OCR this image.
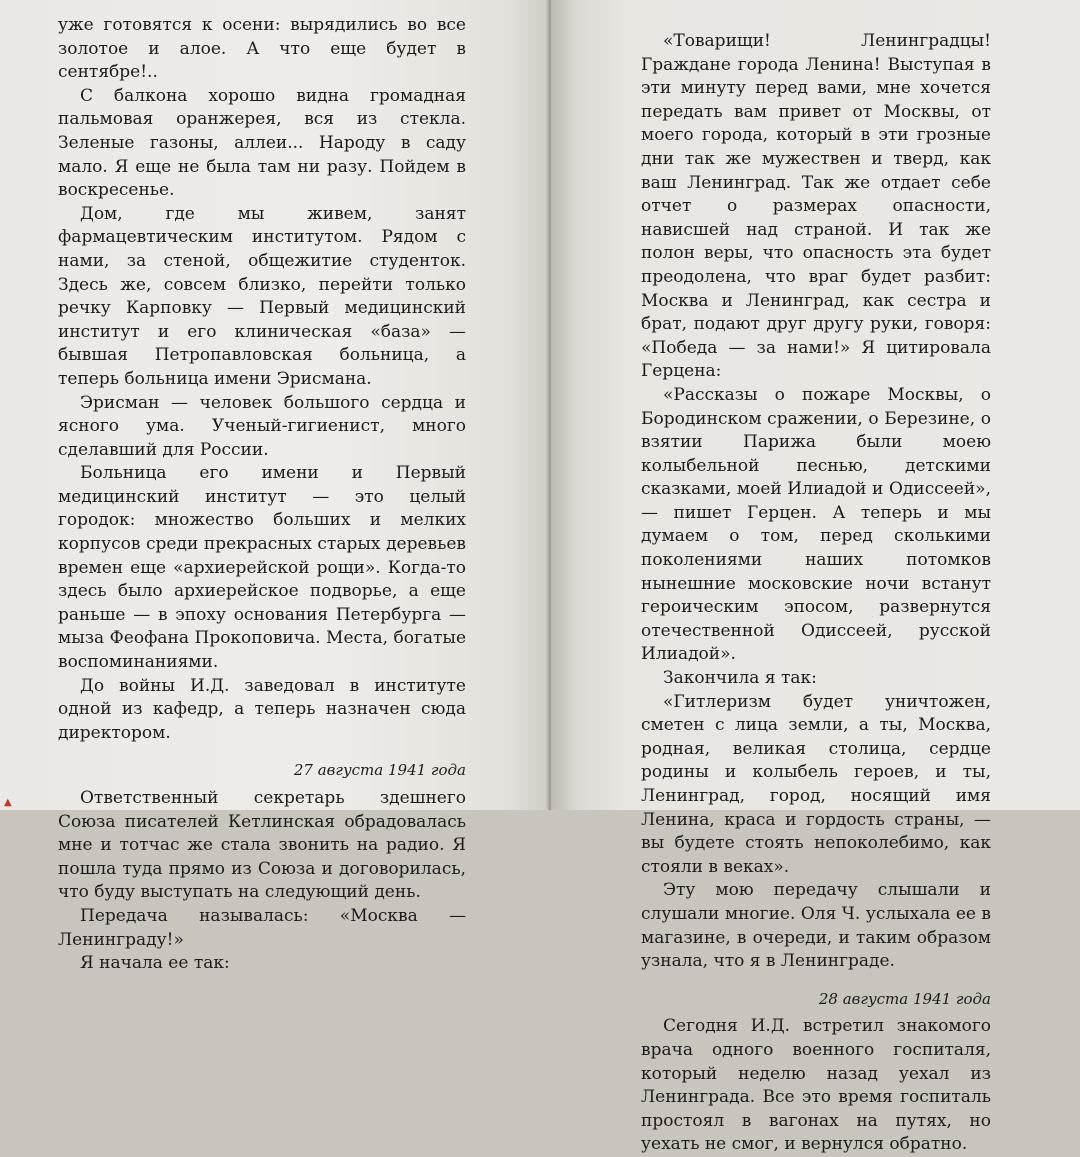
уже готовятся к осени: вырядились во все золотое и алое. А что еще будет в сентябре!..

С балкона хорошо видна громадная пальмовая оранжерея, вся из стекла. Зеленые газоны, аллеи... Народу в саду мало. Я еще не была там ни разу. Пойдем в воскресенье.

Дом, где мы живем, занят фармацевтическим институтом. Рядом с нами, за стеной, общежитие студенток. Здесь же, совсем близко, перейти только речку Карповку — Первый медицинский институт и его клиническая «база» — бывшая Петропавловская больница, а теперь больница имени Эрисмана.

Эрисман — человек большого сердца и ясного ума. Ученый-гигиенист, много сделавший для России.

Больница его имени и Первый медицинский институт — это целый городок: множество больших и мелких корпусов среди прекрасных старых деревьев времен еще «архиерейской рощи». Когда-то здесь было архиерейское подворье, а еще раньше — в эпоху основания Петербурга — мыза Феофана Прокоповича. Места, богатые воспоминаниями.

До войны И.Д. заведовал в институте одной из кафедр, а теперь назначен сюда директором.

27 августа 1941 года

Ответственный секретарь здешнего Союза писателей Кетлинская обрадовалась мне и тотчас же стала звонить на радио. Я пошла туда прямо из Союза и договорилась, что буду выступать на следующий день.

Передача называлась: «Москва — Ленинграду!»

Я начала ее так:

▲

«Товарищи! Ленинградцы! Граждане города Ленина! Выступая в эти минуту перед вами, мне хочется передать вам привет от Москвы, от моего города, который в эти грозные дни так же мужествен и тверд, как ваш Ленинград. Так же отдает себе отчет о размерах опасности, нависшей над страной. И так же полон веры, что опасность эта будет преодолена, что враг будет разбит: Москва и Ленинград, как сестра и брат, подают друг другу руки, говоря: «Победа — за нами!» Я цитировала Герцена:

«Рассказы о пожаре Москвы, о Бородинском сражении, о Березине, о взятии Парижа были моею колыбельной песнью, детскими сказками, моей Илиадой и Одиссеей», — пишет Герцен. А теперь и мы думаем о том, перед сколькими поколениями наших потомков нынешние московские ночи встанут героическим эпосом, развернутся отечественной Одиссеей, русской Илиадой».

Закончила я так:

«Гитлеризм будет уничтожен, сметен с лица земли, а ты, Москва, родная, великая столица, сердце родины и колыбель героев, и ты, Ленинград, город, носящий имя Ленина, краса и гордость страны, — вы будете стоять непоколебимо, как стояли в веках».

Эту мою передачу слышали и слушали многие. Оля Ч. услыхала ее в магазине, в очереди, и таким образом узнала, что я в Ленинграде.

28 августа 1941 года

Сегодня И.Д. встретил знакомого врача одного военного госпиталя, который неделю назад уехал из Ленинграда. Все это время госпиталь простоял в вагонах на путях, но уехать не смог, и вернулся обратно.
